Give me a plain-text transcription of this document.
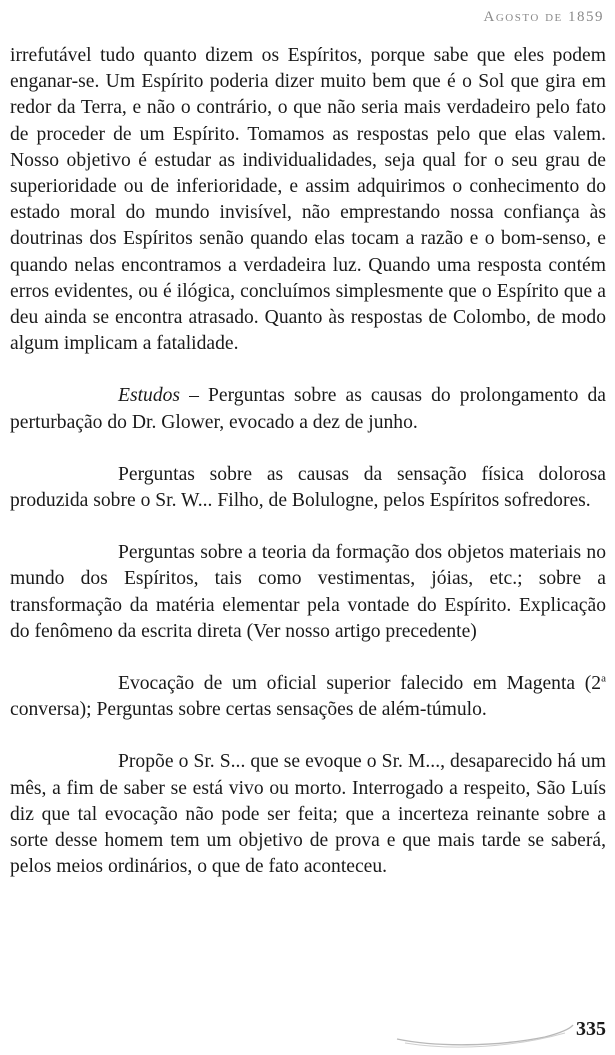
Agosto de 1859

irrefutável tudo quanto dizem os Espíritos, porque sabe que eles podem enganar-se. Um Espírito poderia dizer muito bem que é o Sol que gira em redor da Terra, e não o contrário, o que não seria mais verdadeiro pelo fato de proceder de um Espírito. Tomamos as respostas pelo que elas valem. Nosso objetivo é estudar as individualidades, seja qual for o seu grau de superioridade ou de inferioridade, e assim adquirimos o conhecimento do estado moral do mundo invisível, não emprestando nossa confiança às doutrinas dos Espíritos senão quando elas tocam a razão e o bom-senso, e quando nelas encontramos a verdadeira luz. Quando uma resposta contém erros evidentes, ou é ilógica, concluímos simplesmente que o Espírito que a deu ainda se encontra atrasado. Quanto às respostas de Colombo, de modo algum implicam a fatalidade.

Estudos – Perguntas sobre as causas do prolongamento da perturbação do Dr. Glower, evocado a dez de junho.

Perguntas sobre as causas da sensação física dolorosa produzida sobre o Sr. W... Filho, de Bolulogne, pelos Espíritos sofredores.

Perguntas sobre a teoria da formação dos objetos materiais no mundo dos Espíritos, tais como vestimentas, jóias, etc.; sobre a transformação da matéria elementar pela vontade do Espírito. Explicação do fenômeno da escrita direta (Ver nosso artigo precedente)

Evocação de um oficial superior falecido em Magenta (2$^a$ conversa); Perguntas sobre certas sensações de além-túmulo.

Propõe o Sr. S... que se evoque o Sr. M..., desaparecido há um mês, a fim de saber se está vivo ou morto. Interrogado a respeito, São Luís diz que tal evocação não pode ser feita; que a incerteza reinante sobre a sorte desse homem tem um objetivo de prova e que mais tarde se saberá, pelos meios ordinários, o que de fato aconteceu.

335
